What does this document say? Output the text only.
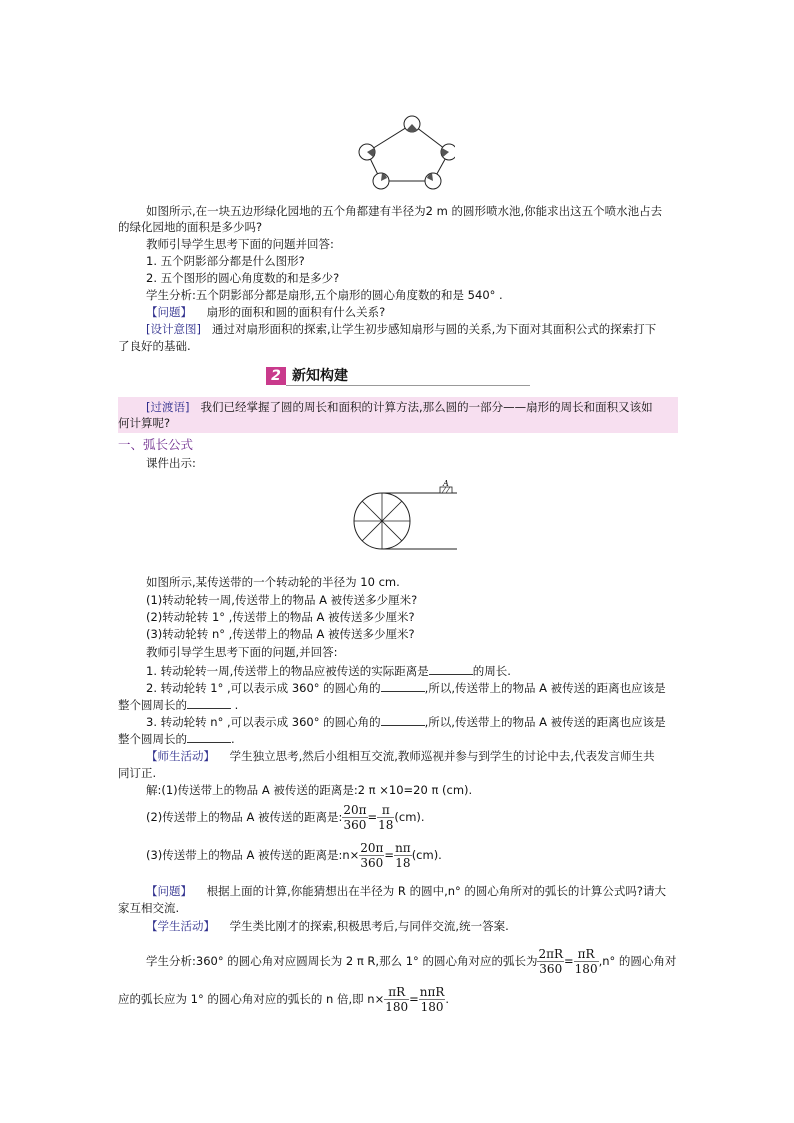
如图所示,在一块五边形绿化园地的五个角都建有半径为2 m 的圆形喷水池,你能求出这五个喷水池占去
的绿化园地的面积是多少吗?
教师引导学生思考下面的问题并回答:
1. 五个阴影部分都是什么图形?
2. 五个图形的圆心角度数的和是多少?
学生分析:五个阴影部分都是扇形,五个扇形的圆心角度数的和是 540° .
【问题】 扇形的面积和圆的面积有什么关系?
[设计意图] 通过对扇形面积的探索,让学生初步感知扇形与圆的关系,为下面对其面积公式的探索打下
了良好的基础.
2 新知构建
[过渡语] 我们已经掌握了圆的周长和面积的计算方法,那么圆的一部分——扇形的周长和面积又该如
何计算呢?
一、弧长公式
课件出示:
A
如图所示,某传送带的一个转动轮的半径为 10 cm.
(1)转动轮转一周,传送带上的物品 A 被传送多少厘米?
(2)转动轮转 1° ,传送带上的物品 A 被传送多少厘米?
(3)转动轮转 n° ,传送带上的物品 A 被传送多少厘米?
教师引导学生思考下面的问题,并回答:
1. 转动轮转一周,传送带上的物品应被传送的实际距离是	的周长.
2. 转动轮转 1° ,可以表示成 360° 的圆心角的	,所以,传送带上的物品 A 被传送的距离也应该是
整个圆周长的	.
3. 转动轮转 n° ,可以表示成 360° 的圆心角的	,所以,传送带上的物品 A 被传送的距离也应该是
整个圆周长的	.
【师生活动】 学生独立思考,然后小组相互交流,教师巡视并参与到学生的讨论中去,代表发言师生共
同订正.
解:(1)传送带上的物品 A 被传送的距离是:2 π ×10=20 π (cm).
(2)传送带上的物品 A 被传送的距离是: $\frac{20\pi}{360} = \frac{\pi}{18} (cm)$.
(3)传送带上的物品 A 被传送的距离是:n× $\frac{20\pi}{360} = \frac{n\pi}{18} (cm)$.
【问题】 根据上面的计算,你能猜想出在半径为 R 的圆中,n° 的圆心角所对的弧长的计算公式吗?请大
家互相交流.
【学生活动】 学生类比刚才的探索,积极思考后,与同伴交流,统一答案.
学生分析:360° 的圆心角对应圆周长为 2 π R,那么 1° 的圆心角对应的弧长为 $\frac{2\pi R}{360} = \frac{\pi R}{180} ,n^\circ$ 的圆心角对
应的弧长应为 1° 的圆心角对应的弧长的 n 倍,即 $n\times \frac{\pi R}{180} = \frac{\text{nπR}}{180}$ .
